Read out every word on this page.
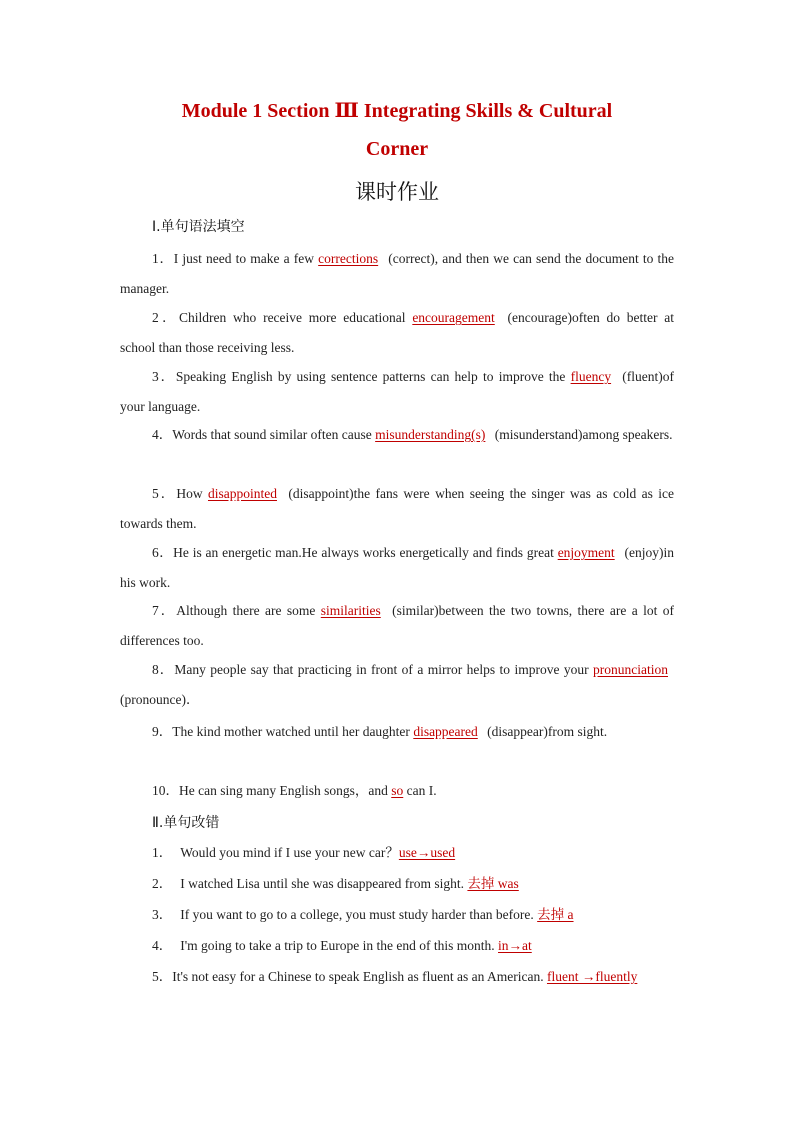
Module 1 Section Ⅲ Integrating Skills & Cultural
Corner
课时作业
Ⅰ.单句语法填空

1．I just need to make a few corrections (correct), and then we can send the document to the manager.

2．Children who receive more educational encouragement (encourage)often do better at school than those receiving less.

3．Speaking English by using sentence patterns can help to improve the fluency (fluent)of your language.

4．Words that sound similar often cause misunderstanding(s) (misunderstand)among speakers.

5．How disappointed (disappoint)the fans were when seeing the singer was as cold as ice towards them.

6．He is an energetic man.He always works energetically and finds great enjoyment (enjoy)in his work.

7．Although there are some similarities (similar)between the two towns, there are a lot of differences too.

8．Many people say that practicing in front of a mirror helps to improve your pronunciation (pronounce)．

9．The kind mother watched until her daughter disappeared (disappear)from sight.

10．He can sing many English songs，and so can I.

Ⅱ.单句改错
1． Would you mind if I use your new car？use→used
2． I watched Lisa until she was disappeared from sight. 去掉 was
3． If you want to go to a college, you must study harder than before. 去掉 a
4． I'm going to take a trip to Europe in the end of this month. in→at

5．It's not easy for a Chinese to speak English as fluent as an American. fluent →fluently
